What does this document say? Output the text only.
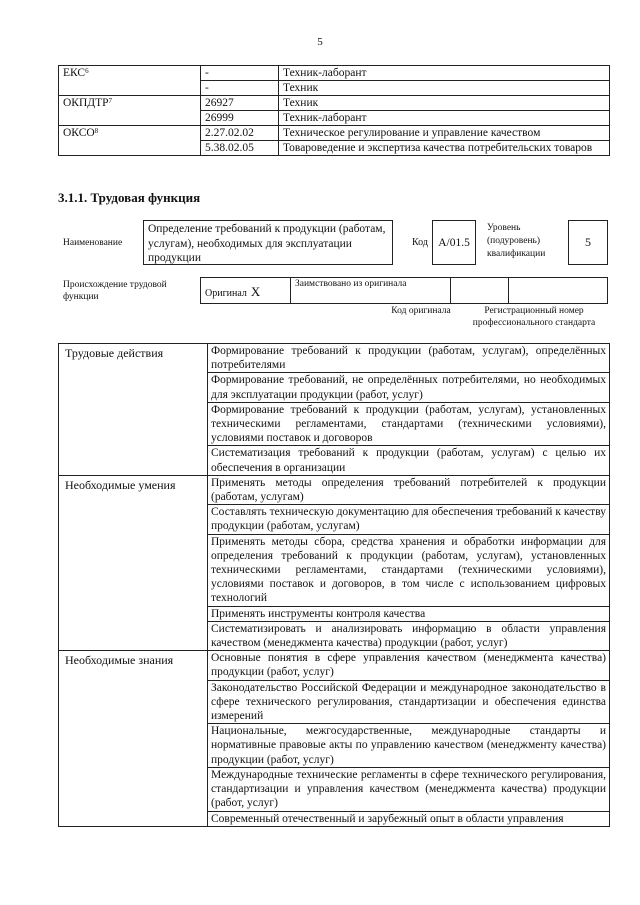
5
ЕКС$^6$	-	Техник-лаборант
	-	Техник
ОКПДТР$^7$	26927	Техник
	26999	Техник-лаборант
ОКСО$^8$	2.27.02.02	Техническое регулирование и управление качеством
	5.38.02.05	Товароведение и экспертиза качества потребительских товаров
3.1.1. Трудовая функция
Наименование
Определение требований к продукции (работам, услугам), необходимых для эксплуатации продукции
Код А/01.5
Уровень (подуровень) квалификации
5
Происхождение трудовой функции	Оригинал X	Заимствовано из оригинала
Код оригинала	Регистрационный номер профессионального стандарта
Трудовые действия	Формирование требований к продукции (работам, услугам), определённых потребителями
	Формирование требований, не определённых потребителями, но необходимых для эксплуатации продукции (работ, услуг)
	Формирование требований к продукции (работам, услугам), установленных техническими регламентами, стандартами (техническими условиями), условиями поставок и договоров
	Систематизация требований к продукции (работам, услугам) с целью их обеспечения в организации
Необходимые умения	Применять методы определения требований потребителей к продукции (работам, услугам)
	Составлять техническую документацию для обеспечения требований к качеству продукции (работам, услугам)
	Применять методы сбора, средства хранения и обработки информации для определения требований к продукции (работам, услугам), установленных техническими регламентами, стандартами (техническими условиями), условиями поставок и договоров, в том числе с использованием цифровых технологий
	Применять инструменты контроля качества
	Систематизировать и анализировать информацию в области управления качеством (менеджмента качества) продукции (работ, услуг)
Необходимые знания	Основные понятия в сфере управления качеством (менеджмента качества) продукции (работ, услуг)
	Законодательство Российской Федерации и международное законодательство в сфере технического регулирования, стандартизации и обеспечения единства измерений
	Национальные, межгосударственные, международные стандарты и нормативные правовые акты по управлению качеством (менеджменту качества) продукции (работ, услуг)
	Международные технические регламенты в сфере технического регулирования, стандартизации и управления качеством (менеджмента качества) продукции (работ, услуг)
	Современный отечественный и зарубежный опыт в области управления
